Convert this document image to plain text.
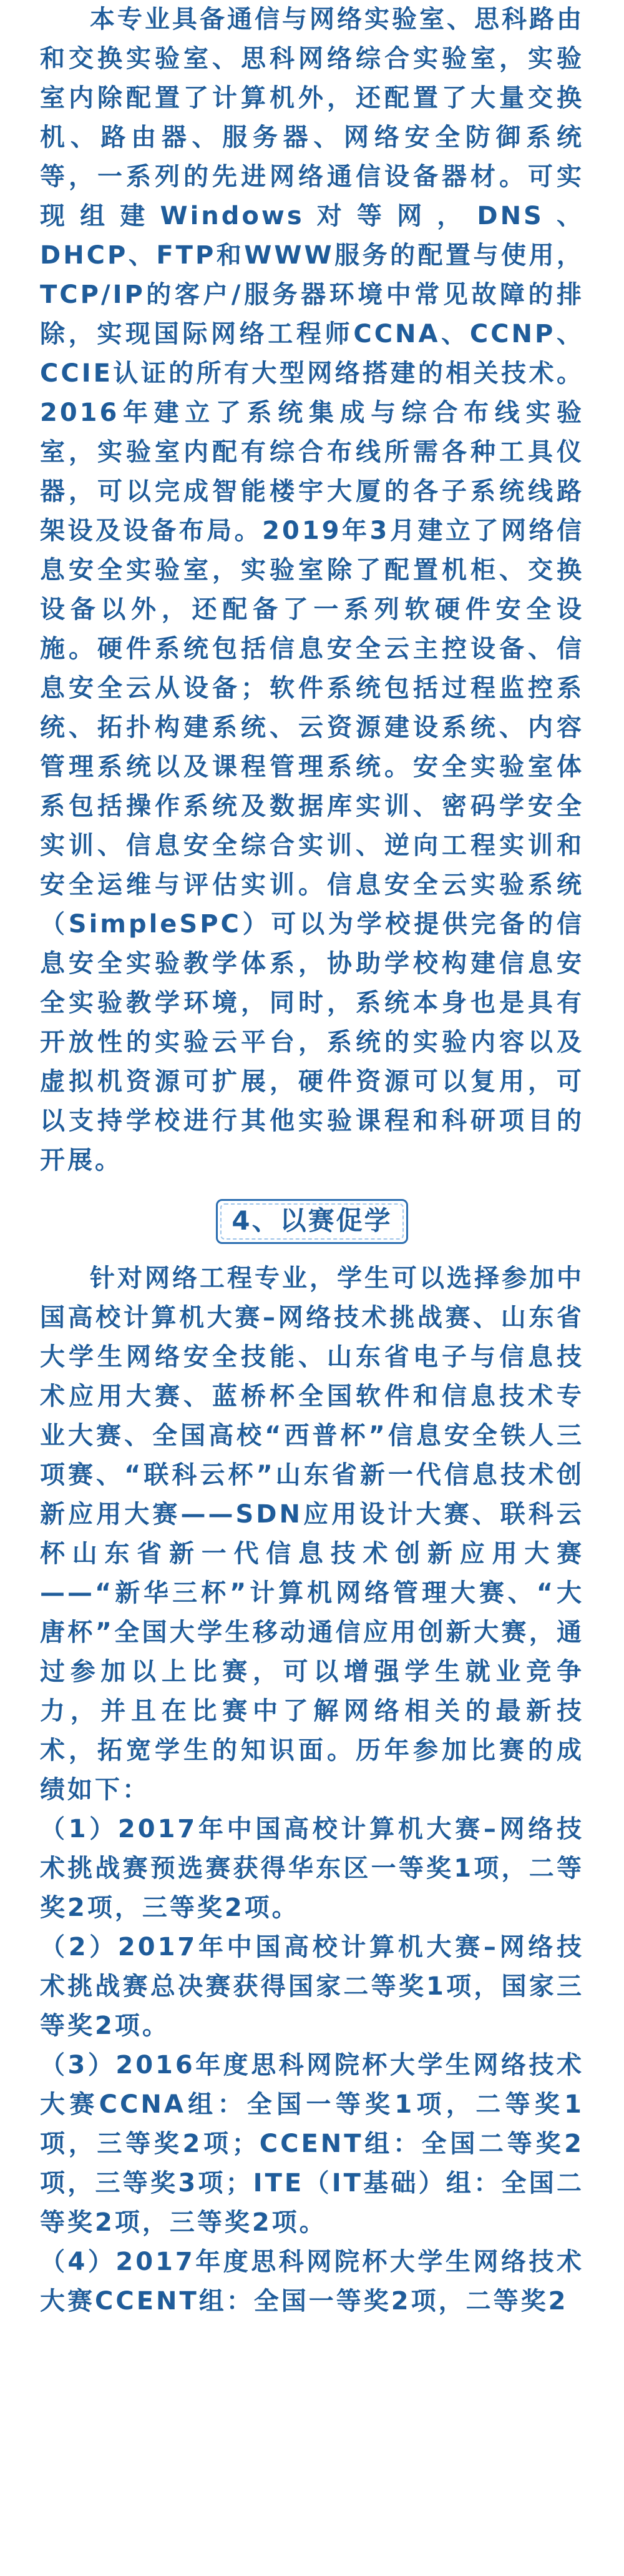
本专业具备通信与网络实验室、思科路由和交换实验室、思科网络综合实验室，实验室内除配置了计算机外，还配置了大量交换机、路由器、服务器、网络安全防御系统等，一系列的先进网络通信设备器材。可实现组建Windows对等网，DNS、DHCP、FTP和WWW服务的配置与使用，TCP/IP的客户/服务器环境中常见故障的排除，实现国际网络工程师CCNA、CCNP、CCIE认证的所有大型网络搭建的相关技术。2016年建立了系统集成与综合布线实验室，实验室内配有综合布线所需各种工具仪器，可以完成智能楼宇大厦的各子系统线路架设及设备布局。2019年3月建立了网络信息安全实验室，实验室除了配置机柜、交换设备以外，还配备了一系列软硬件安全设施。硬件系统包括信息安全云主控设备、信息安全云从设备；软件系统包括过程监控系统、拓扑构建系统、云资源建设系统、内容管理系统以及课程管理系统。安全实验室体系包括操作系统及数据库实训、密码学安全实训、信息安全综合实训、逆向工程实训和安全运维与评估实训。信息安全云实验系统（SimpleSPC）可以为学校提供完备的信息安全实验教学体系，协助学校构建信息安全实验教学环境，同时，系统本身也是具有开放性的实验云平台，系统的实验内容以及虚拟机资源可扩展，硬件资源可以复用，可以支持学校进行其他实验课程和科研项目的开展。

4、以赛促学

针对网络工程专业，学生可以选择参加中国高校计算机大赛–网络技术挑战赛、山东省大学生网络安全技能、山东省电子与信息技术应用大赛、蓝桥杯全国软件和信息技术专业大赛、全国高校“西普杯”信息安全铁人三项赛、“联科云杯”山东省新一代信息技术创新应用大赛——SDN应用设计大赛、联科云杯山东省新一代信息技术创新应用大赛——“新华三杯”计算机网络管理大赛、“大唐杯”全国大学生移动通信应用创新大赛，通过参加以上比赛，可以增强学生就业竞争力，并且在比赛中了解网络相关的最新技术，拓宽学生的知识面。历年参加比赛的成绩如下：

（1）2017年中国高校计算机大赛–网络技术挑战赛预选赛获得华东区一等奖1项，二等奖2项，三等奖2项。

（2）2017年中国高校计算机大赛–网络技术挑战赛总决赛获得国家二等奖1项，国家三等奖2项。

（3）2016年度思科网院杯大学生网络技术大赛CCNA组：全国一等奖1项，二等奖1项，三等奖2项；CCENT组：全国二等奖2项，三等奖3项；ITE（IT基础）组：全国二等奖2项，三等奖2项。

（4）2017年度思科网院杯大学生网络技术大赛CCENT组：全国一等奖2项，二等奖2
